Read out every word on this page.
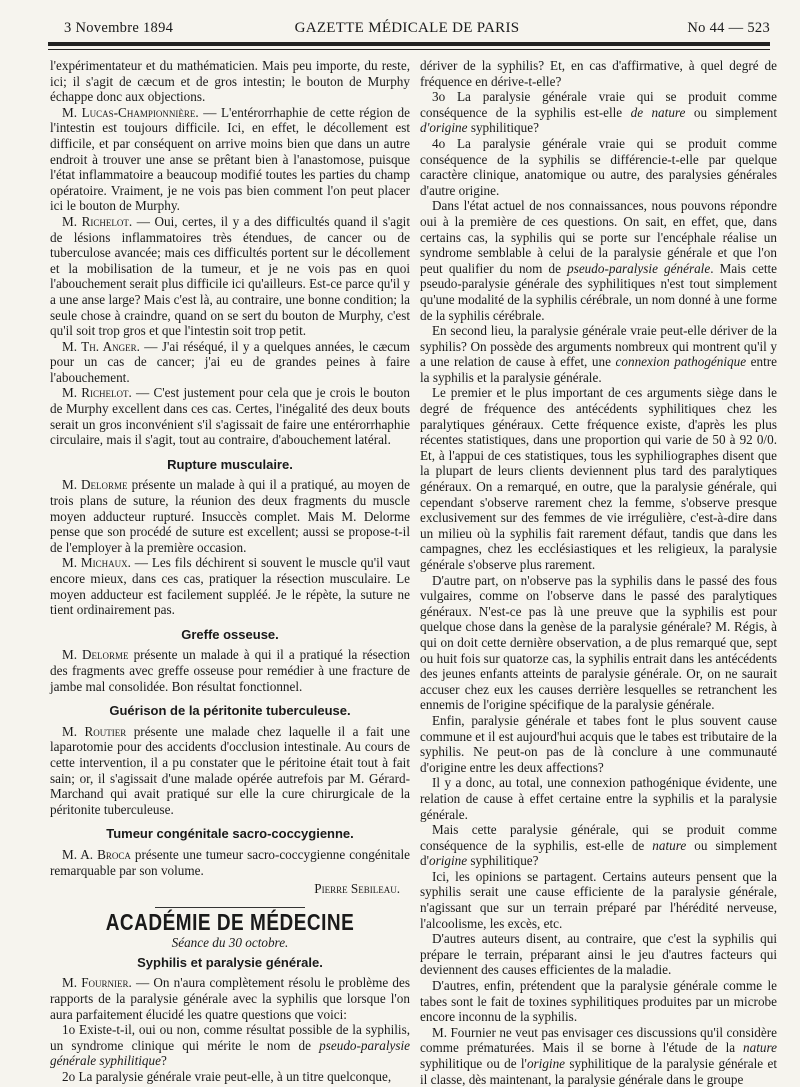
3 Novembre 1894	GAZETTE MÉDICALE DE PARIS	No 44 — 523

l'expérimentateur et du mathématicien. Mais peu importe, du reste, ici; il s'agit de cæcum et de gros intestin; le bouton de Murphy échappe donc aux objections.

M. Lucas-Championnière. — L'entérorrhaphie de cette région de l'intestin est toujours difficile. Ici, en effet, le décollement est difficile, et par conséquent on arrive moins bien que dans un autre endroit à trouver une anse se prêtant bien à l'anastomose, puisque l'état inflammatoire a beaucoup modifié toutes les parties du champ opératoire. Vraiment, je ne vois pas bien comment l'on peut placer ici le bouton de Murphy.

M. Richelot. — Oui, certes, il y a des difficultés quand il s'agit de lésions inflammatoires très étendues, de cancer ou de tuberculose avancée; mais ces difficultés portent sur le décollement et la mobilisation de la tumeur, et je ne vois pas en quoi l'abouchement serait plus difficile ici qu'ailleurs. Est-ce parce qu'il y a une anse large? Mais c'est là, au contraire, une bonne condition; la seule chose à craindre, quand on se sert du bouton de Murphy, c'est qu'il soit trop gros et que l'intestin soit trop petit.

M. Th. Anger. — J'ai réséqué, il y a quelques années, le cæcum pour un cas de cancer; j'ai eu de grandes peines à faire l'abouchement.

M. Richelot. — C'est justement pour cela que je crois le bouton de Murphy excellent dans ces cas. Certes, l'inégalité des deux bouts serait un gros inconvénient s'il s'agissait de faire une entérorrhaphie circulaire, mais il s'agit, tout au contraire, d'abouchement latéral.

Rupture musculaire.

M. Delorme présente un malade à qui il a pratiqué, au moyen de trois plans de suture, la réunion des deux fragments du muscle moyen adducteur rupturé. Insuccès complet. Mais M. Delorme pense que son procédé de suture est excellent; aussi se propose-t-il de l'employer à la première occasion.

M. Michaux. — Les fils déchirent si souvent le muscle qu'il vaut encore mieux, dans ces cas, pratiquer la résection musculaire. Le moyen adducteur est facilement suppléé. Je le répète, la suture ne tient ordinairement pas.

Greffe osseuse.

M. Delorme présente un malade à qui il a pratiqué la résection des fragments avec greffe osseuse pour remédier à une fracture de jambe mal consolidée. Bon résultat fonctionnel.

Guérison de la péritonite tuberculeuse.

M. Routier présente une malade chez laquelle il a fait une laparotomie pour des accidents d'occlusion intestinale. Au cours de cette intervention, il a pu constater que le péritoine était tout à fait sain; or, il s'agissait d'une malade opérée autrefois par M. Gérard-Marchand qui avait pratiqué sur elle la cure chirurgicale de la péritonite tuberculeuse.

Tumeur congénitale sacro-coccygienne.

M. A. Broca présente une tumeur sacro-coccygienne congénitale remarquable par son volume.

Pierre Sebileau.
ACADÉMIE DE MÉDECINE
Séance du 30 octobre.
Syphilis et paralysie générale.

M. Fournier. — On n'aura complètement résolu le problème des rapports de la paralysie générale avec la syphilis que lorsque l'on aura parfaitement élucidé les quatre questions que voici:

1o Existe-t-il, oui ou non, comme résultat possible de la syphilis, un syndrome clinique qui mérite le nom de pseudo-paralysie générale syphilitique?

2o La paralysie générale vraie peut-elle, à un titre quelconque,

dériver de la syphilis? Et, en cas d'affirmative, à quel degré de fréquence en dérive-t-elle?

3o La paralysie générale vraie qui se produit comme conséquence de la syphilis est-elle de nature ou simplement d'origine syphilitique?

4o La paralysie générale vraie qui se produit comme conséquence de la syphilis se différencie-t-elle par quelque caractère clinique, anatomique ou autre, des paralysies générales d'autre origine.

Dans l'état actuel de nos connaissances, nous pouvons répondre oui à la première de ces questions. On sait, en effet, que, dans certains cas, la syphilis qui se porte sur l'encéphale réalise un syndrome semblable à celui de la paralysie générale et que l'on peut qualifier du nom de pseudo-paralysie générale. Mais cette pseudo-paralysie générale des syphilitiques n'est tout simplement qu'une modalité de la syphilis cérébrale, un nom donné à une forme de la syphilis cérébrale.

En second lieu, la paralysie générale vraie peut-elle dériver de la syphilis? On possède des arguments nombreux qui montrent qu'il y a une relation de cause à effet, une connexion pathogénique entre la syphilis et la paralysie générale.

Le premier et le plus important de ces arguments siège dans le degré de fréquence des antécédents syphilitiques chez les paralytiques généraux. Cette fréquence existe, d'après les plus récentes statistiques, dans une proportion qui varie de 50 à 92 0/0. Et, à l'appui de ces statistiques, tous les syphiliographes disent que la plupart de leurs clients deviennent plus tard des paralytiques généraux. On a remarqué, en outre, que la paralysie générale, qui cependant s'observe rarement chez la femme, s'observe presque exclusivement sur des femmes de vie irrégulière, c'est-à-dire dans un milieu où la syphilis fait rarement défaut, tandis que dans les campagnes, chez les ecclésiastiques et les religieux, la paralysie générale s'observe plus rarement.

D'autre part, on n'observe pas la syphilis dans le passé des fous vulgaires, comme on l'observe dans le passé des paralytiques généraux. N'est-ce pas là une preuve que la syphilis est pour quelque chose dans la genèse de la paralysie générale? M. Régis, à qui on doit cette dernière observation, a de plus remarqué que, sept ou huit fois sur quatorze cas, la syphilis entrait dans les antécédents des jeunes enfants atteints de paralysie générale. Or, on ne saurait accuser chez eux les causes derrière lesquelles se retranchent les ennemis de l'origine spécifique de la paralysie générale.

Enfin, paralysie générale et tabes font le plus souvent cause commune et il est aujourd'hui acquis que le tabes est tributaire de la syphilis. Ne peut-on pas de là conclure à une communauté d'origine entre les deux affections?

Il y a donc, au total, une connexion pathogénique évidente, une relation de cause à effet certaine entre la syphilis et la paralysie générale.

Mais cette paralysie générale, qui se produit comme conséquence de la syphilis, est-elle de nature ou simplement d'origine syphilitique?

Ici, les opinions se partagent. Certains auteurs pensent que la syphilis serait une cause efficiente de la paralysie générale, n'agissant que sur un terrain préparé par l'hérédité nerveuse, l'alcoolisme, les excès, etc.

D'autres auteurs disent, au contraire, que c'est la syphilis qui prépare le terrain, préparant ainsi le jeu d'autres facteurs qui deviennent des causes efficientes de la maladie.

D'autres, enfin, prétendent que la paralysie générale comme le tabes sont le fait de toxines syphilitiques produites par un microbe encore inconnu de la syphilis.

M. Fournier ne veut pas envisager ces discussions qu'il considère comme prématurées. Mais il se borne à l'étude de la nature syphilitique ou de l'origine syphilitique de la paralysie générale et il classe, dès maintenant, la paralysie générale dans le groupe
